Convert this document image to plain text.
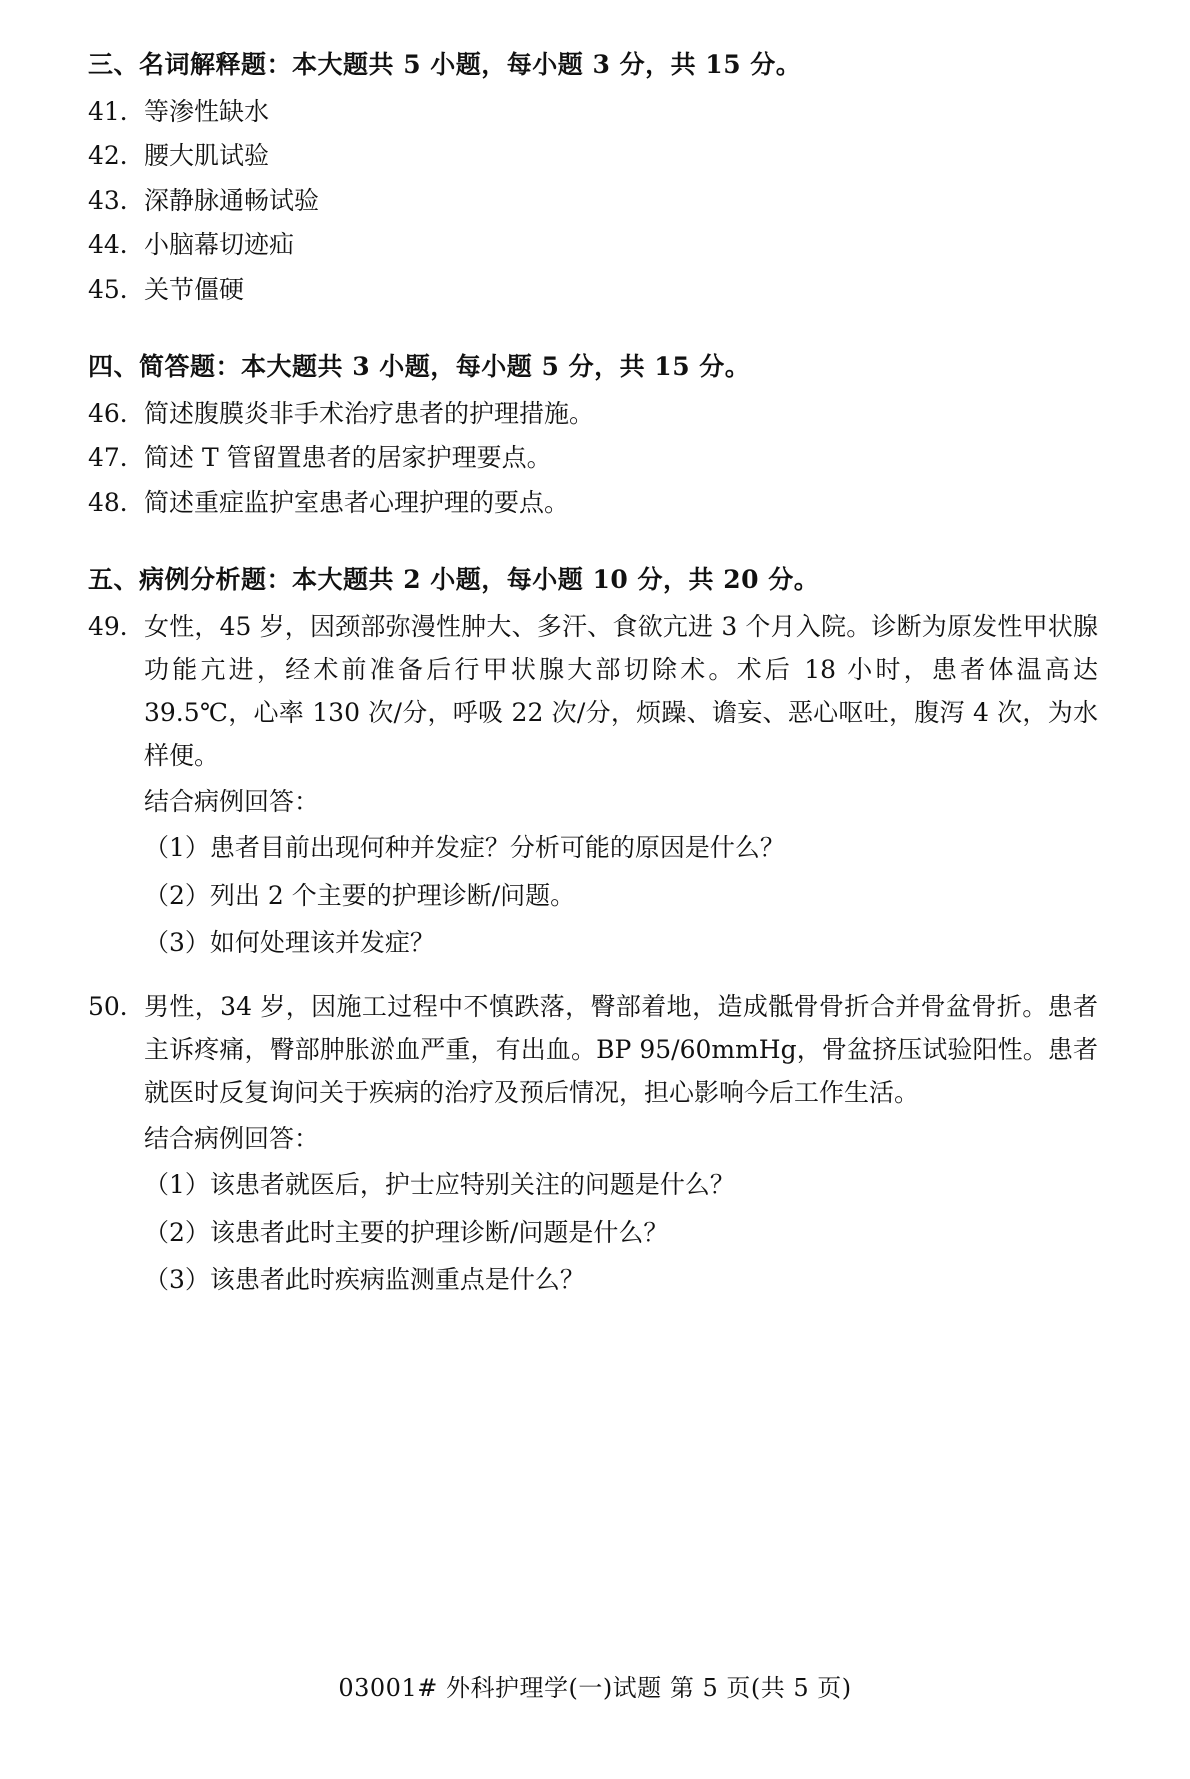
三、名词解释题：本大题共 5 小题，每小题 3 分，共 15 分。
41． 等渗性缺水
42． 腰大肌试验
43． 深静脉通畅试验
44． 小脑幕切迹疝
45． 关节僵硬
四、简答题：本大题共 3 小题，每小题 5 分，共 15 分。
46． 简述腹膜炎非手术治疗患者的护理措施。
47． 简述 T 管留置患者的居家护理要点。
48． 简述重症监护室患者心理护理的要点。
五、病例分析题：本大题共 2 小题，每小题 10 分，共 20 分。
49． 女性，45 岁，因颈部弥漫性肿大、多汗、食欲亢进 3 个月入院。诊断为原发性甲状腺功能亢进，经术前准备后行甲状腺大部切除术。术后 18 小时，患者体温高达 39.5℃，心率 130 次/分，呼吸 22 次/分，烦躁、谵妄、恶心呕吐，腹泻 4 次，为水样便。
结合病例回答：
（1）患者目前出现何种并发症？分析可能的原因是什么？
（2）列出 2 个主要的护理诊断/问题。
（3）如何处理该并发症？
50． 男性，34 岁，因施工过程中不慎跌落，臀部着地，造成骶骨骨折合并骨盆骨折。患者主诉疼痛，臀部肿胀淤血严重，有出血。BP 95/60mmHg，骨盆挤压试验阳性。患者就医时反复询问关于疾病的治疗及预后情况，担心影响今后工作生活。
结合病例回答：
（1）该患者就医后，护士应特别关注的问题是什么？
（2）该患者此时主要的护理诊断/问题是什么？
（3）该患者此时疾病监测重点是什么？
03001# 外科护理学(一)试题 第 5 页(共 5 页)
